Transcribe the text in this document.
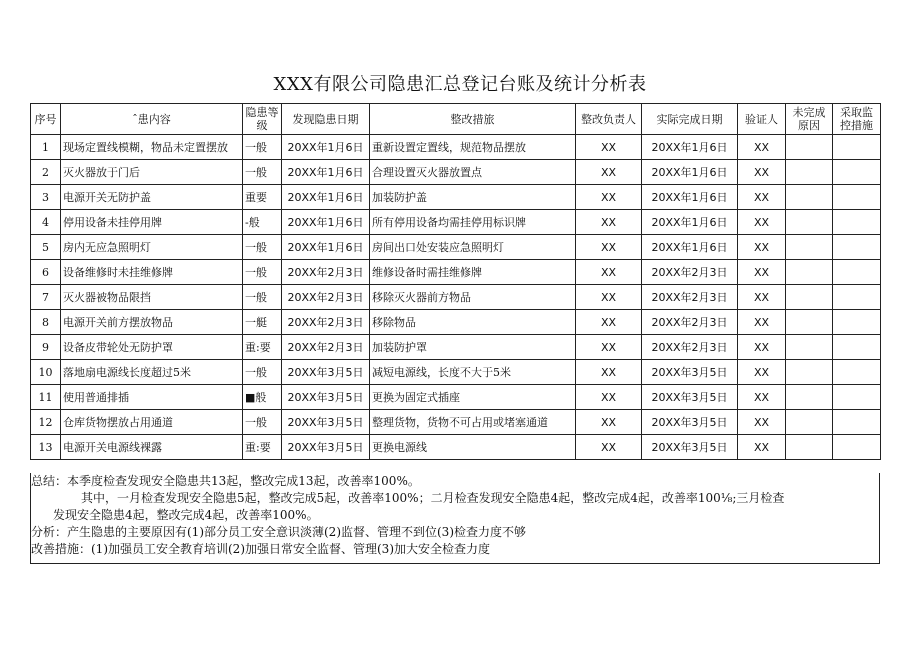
XXX有限公司隐患汇总登记台账及统计分析表
序号	ˆ患内容	隐患等级	发现隐患日期	整改措旅	整改负责人	实际完成日期	验证人	未完成原因	采取监控措施
1	现场定置线模糊，物品未定置摆放	一般	20XX年1月6日	重新设置定置线，规范物品摆放	XX	20XX年1月6日	XX		
2	灭火器放于门后	一般	20XX年1月6日	合理设置灭火器放置点	XX	20XX年1月6日	XX		
3	电源开关无防护盖	重要	20XX年1月6日	加装防护盖	XX	20XX年1月6日	XX		
4	停用设备未挂停用牌	-般	20XX年1月6日	所有停用设备均需挂停用标识牌	XX	20XX年1月6日	XX		
5	房内无应急照明灯	一般	20XX年1月6日	房间出口处安装应急照明灯	XX	20XX年1月6日	XX		
6	设备维修时未挂维修牌	一般	20XX年2月3日	维修设备时需挂维修牌	XX	20XX年2月3日	XX		
7	灭火器被物品限挡	一般	20XX年2月3日	移除灭火器前方物品	XX	20XX年2月3日	XX		
8	电源开关前方摆放物品	一艇	20XX年2月3日	移除物品	XX	20XX年2月3日	XX		
9	设备皮带轮处无防护罩	重:要	20XX年2月3日	加装防护罩	XX	20XX年2月3日	XX		
10	落地扇电源线长度超过5米	一般	20XX年3月5日	减短电源线，长度不大于5米	XX	20XX年3月5日	XX		
11	使用普通排插	■般	20XX年3月5日	更换为固定式插座	XX	20XX年3月5日	XX		
12	仓库货物摆放占用通道	一般	20XX年3月5日	整理货物，货物不可占用或堵塞通道	XX	20XX年3月5日	XX		
13	电源开关电源线裸露	重:要	20XX年3月5日	更换电源线	XX	20XX年3月5日	XX		

总结：本季度检查发现安全隐患共13起，整改完成13起，改善率100%。

其中，一月检查发现安全隐患5起，整改完成5起，改善率100%；二月检查发现安全隐患4起，整改完成4起，改善率100⅛;三月检查

发现安全隐患4起，整改完成4起，改善率100%。

分析：产生隐患的主要原因有(1)部分员工安全意识淡薄(2)监督、管理不到位(3)检查力度不够

改善措施：(1)加强员工安全教育培训(2)加强日常安全监督、管理(3)加大安全检查力度
